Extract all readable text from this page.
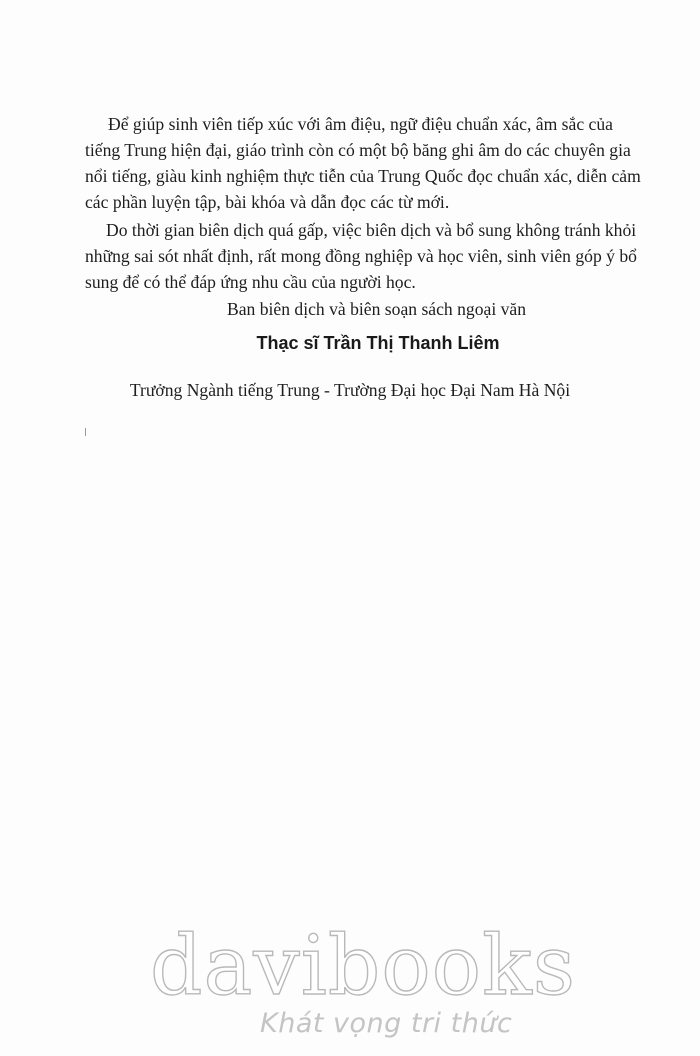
Để giúp sinh viên tiếp xúc với âm điệu, ngữ điệu chuẩn xác, âm sắc của
tiếng Trung hiện đại, giáo trình còn có một bộ băng ghi âm do các chuyên gia
nổi tiếng, giàu kinh nghiệm thực tiễn của Trung Quốc đọc chuẩn xác, diễn cảm
các phần luyện tập, bài khóa và dẫn đọc các từ mới.
Do thời gian biên dịch quá gấp, việc biên dịch và bổ sung không tránh khỏi
những sai sót nhất định, rất mong đồng nghiệp và học viên, sinh viên góp ý bổ
sung để có thể đáp ứng nhu cầu của người học.
Ban biên dịch và biên soạn sách ngoại văn
Thạc sĩ Trần Thị Thanh Liêm
Trưởng Ngành tiếng Trung - Trường Đại học Đại Nam Hà Nội
davibooks
Khát vọng tri thức
